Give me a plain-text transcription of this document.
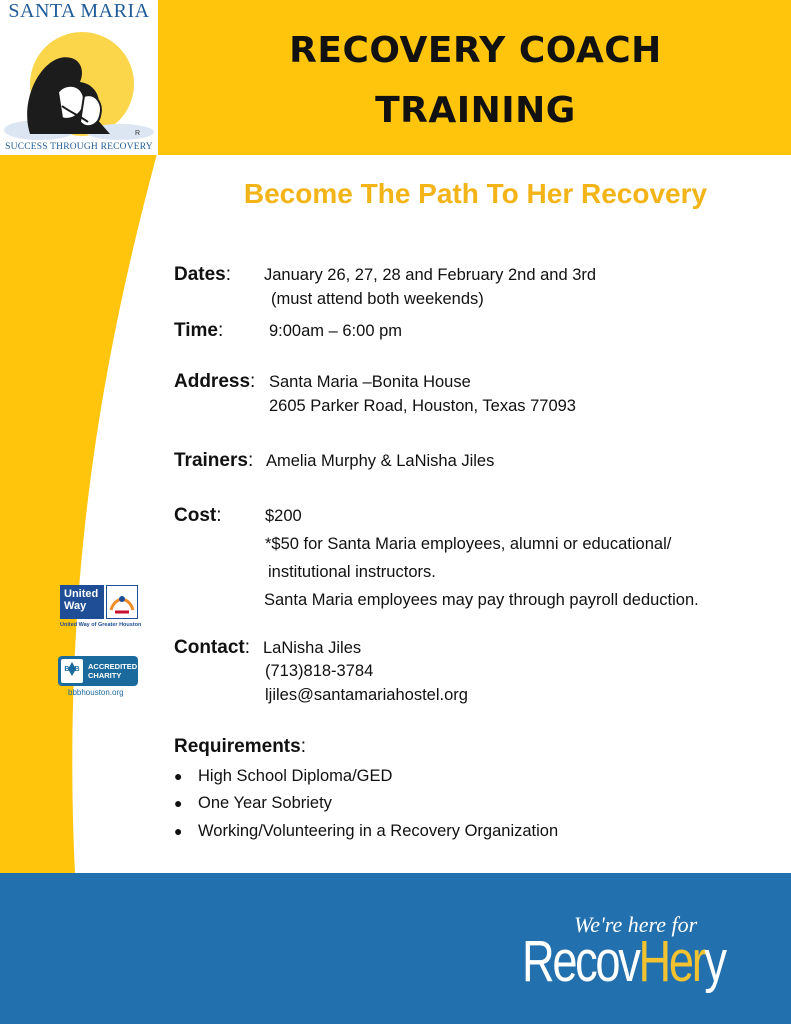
SANTA MARIA
SUCCESS THROUGH RECOVERY
R
RECOVERY COACH
TRAINING
Become The Path To Her Recovery
Dates: January 26, 27, 28 and February 2nd and 3rd
(must attend both weekends)
Time:	9:00am – 6:00 pm
Address: Santa Maria –Bonita House
2605 Parker Road, Houston, Texas 77093
Trainers: Amelia Murphy & LaNisha Jiles
Cost:	$200
*$50 for Santa Maria employees, alumni or educational/
institutional instructors.
Santa Maria employees may pay through payroll deduction.
Contact: LaNisha Jiles
(713)818-3784
ljiles@santamariahostel.org
Requirements:
● High School Diploma/GED
● One Year Sobriety
● Working/Volunteering in a Recovery Organization
United
Way
United Way of Greater Houston
BBB	ACCREDITED
CHARITY
bbbhouston.org
We're here for
RecovHery
